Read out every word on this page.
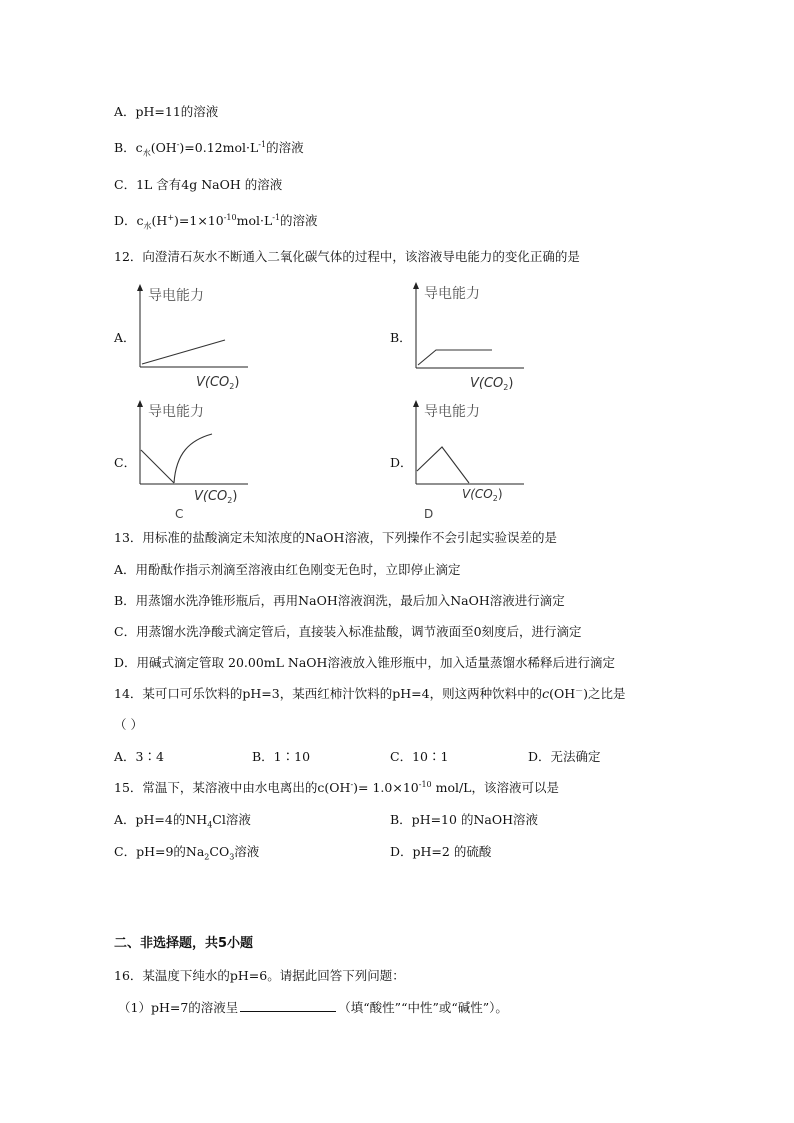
A．pH=11的溶液
B．$c_水(OH^-)=0.12mol\cdot L^{-1}$的溶液
C．1L 含有4g NaOH 的溶液
D．$c_水(H^+)=1\times 10^{-10}mol\cdot L^{-1}$的溶液
12．向澄清石灰水不断通入二氧化碳气体的过程中，该溶液导电能力的变化正确的是
A．	B．
C．	D．
导电能力
$V(CO_2)$
导电能力
$V(CO_2)$
导电能力
$V(CO_2)$
C
导电能力
$V(CO_2)$
D
13．用标准的盐酸滴定未知浓度的NaOH溶液，下列操作不会引起实验误差的是
A．用酚酞作指示剂滴至溶液由红色刚变无色时，立即停止滴定
B．用蒸馏水洗净锥形瓶后，再用NaOH溶液润洗，最后加入NaOH溶液进行滴定
C．用蒸馏水洗净酸式滴定管后，直接装入标准盐酸，调节液面至0刻度后，进行滴定
D．用碱式滴定管取 20.00mL NaOH溶液放入锥形瓶中，加入适量蒸馏水稀释后进行滴定
14．某可口可乐饮料的pH=3，某西红柿汁饮料的pH=4，则这两种饮料中的c(OH－)之比是
（ ）
A．3∶4	B．1∶10	C．10∶1	D．无法确定
15．常温下，某溶液中由水电离出的$c(OH^-)= 1.0\times 10^{-10}$ mol/L，该溶液可以是
A．pH=4的$NH_4Cl$溶液	B．pH=10 的NaOH溶液
C．pH=9的$Na_2CO_3$溶液	D．pH=2 的硫酸
二、非选择题，共5小题
16．某温度下纯水的pH=6。请据此回答下列问题：
（1）pH=7的溶液呈	（填“酸性”“中性”或“碱性”）。
